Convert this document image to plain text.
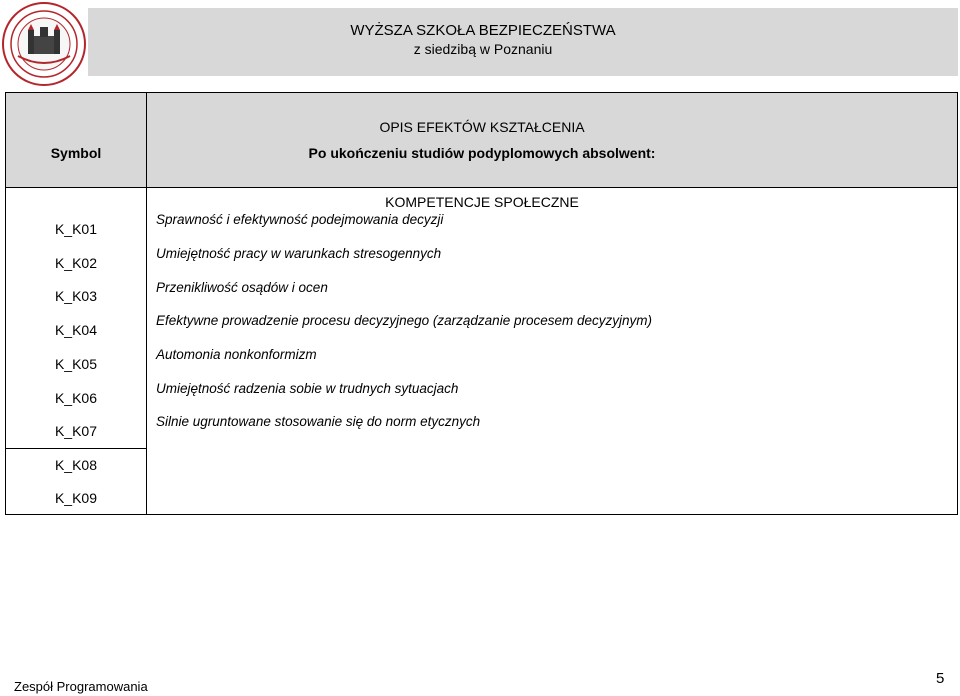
WYŻSZA SZKOŁA BEZPIECZEŃSTWA
z siedzibą w Poznaniu
Symbol
OPIS EFEKTÓW KSZTAŁCENIA
Po ukończeniu studiów podyplomowych absolwent:
KOMPETENCJE SPOŁECZNE
K_K01
Sprawność i efektywność podejmowania decyzji
K_K02
Umiejętność pracy w warunkach stresogennych
K_K03
Przenikliwość osądów i ocen
K_K04
Efektywne prowadzenie procesu decyzyjnego (zarządzanie procesem decyzyjnym)
K_K05
Automonia nonkonformizm
K_K06
Umiejętność radzenia sobie w trudnych sytuacjach
K_K07
Silnie ugruntowane stosowanie się do norm etycznych
K_K08
K_K09
Zespół Programowania	5
